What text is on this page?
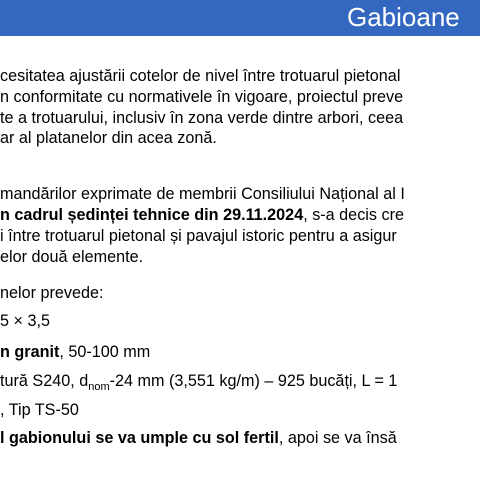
Gabioane
cesitatea ajustării cotelor de nivel între trotuarul pietonal
n conformitate cu normativele în vigoare, proiectul preve
te a trotuarului, inclusiv în zona verde dintre arbori, ceea
ar al platanelor din acea zonă.
mandărilor exprimate de membrii Consiliului Național al I
n cadrul ședinței tehnice din 29.11.2024, s-a decis cre
i între trotuarul pietonal și pavajul istoric pentru a asigur
elor două elemente.
nelor prevede:
5 × 3,5
n granit, 50-100 mm
tură S240, $d_{nom}-24$ mm (3,551 kg/m) – 925 bucăți, L = 1
, Tip TS-50
l gabionului se va umple cu sol fertil, apoi se va însă
